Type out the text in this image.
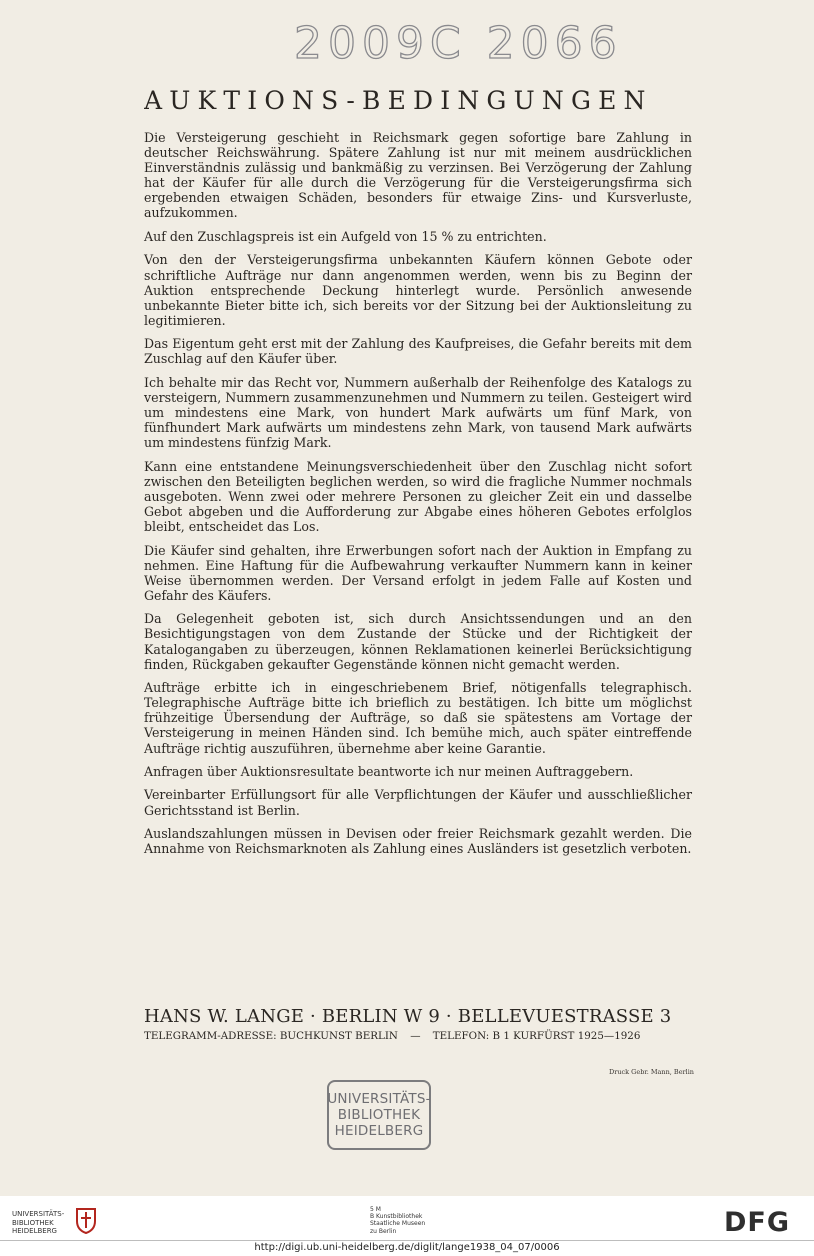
2009C 2066
AUKTIONS-BEDINGUNGEN

Die Versteigerung geschieht in Reichsmark gegen sofortige bare Zahlung in deutscher Reichswährung. Spätere Zahlung ist nur mit meinem ausdrücklichen Einverständnis zulässig und bankmäßig zu verzinsen. Bei Verzögerung der Zahlung hat der Käufer für alle durch die Verzögerung für die Versteigerungsfirma sich ergebenden etwaigen Schäden, besonders für etwaige Zins- und Kursverluste, aufzukommen.

Auf den Zuschlagspreis ist ein Aufgeld von 15 % zu entrichten.

Von den der Versteigerungsfirma unbekannten Käufern können Gebote oder schriftliche Aufträge nur dann angenommen werden, wenn bis zu Beginn der Auktion entsprechende Deckung hinterlegt wurde. Persönlich anwesende unbekannte Bieter bitte ich, sich bereits vor der Sitzung bei der Auktionsleitung zu legitimieren.

Das Eigentum geht erst mit der Zahlung des Kaufpreises, die Gefahr bereits mit dem Zuschlag auf den Käufer über.

Ich behalte mir das Recht vor, Nummern außerhalb der Reihenfolge des Katalogs zu versteigern, Nummern zusammenzunehmen und Nummern zu teilen. Gesteigert wird um mindestens eine Mark, von hundert Mark aufwärts um fünf Mark, von fünfhundert Mark aufwärts um mindestens zehn Mark, von tausend Mark aufwärts um mindestens fünfzig Mark.

Kann eine entstandene Meinungsverschiedenheit über den Zuschlag nicht sofort zwischen den Beteiligten beglichen werden, so wird die fragliche Nummer nochmals ausgeboten. Wenn zwei oder mehrere Personen zu gleicher Zeit ein und dasselbe Gebot abgeben und die Aufforderung zur Abgabe eines höheren Gebotes erfolglos bleibt, entscheidet das Los.

Die Käufer sind gehalten, ihre Erwerbungen sofort nach der Auktion in Empfang zu nehmen. Eine Haftung für die Aufbewahrung verkaufter Nummern kann in keiner Weise übernommen werden. Der Versand erfolgt in jedem Falle auf Kosten und Gefahr des Käufers.

Da Gelegenheit geboten ist, sich durch Ansichtssendungen und an den Besichtigungstagen von dem Zustande der Stücke und der Richtigkeit der Katalogangaben zu überzeugen, können Reklamationen keinerlei Berücksichtigung finden, Rückgaben gekaufter Gegenstände können nicht gemacht werden.

Aufträge erbitte ich in eingeschriebenem Brief, nötigenfalls telegraphisch. Telegraphische Aufträge bitte ich brieflich zu bestätigen. Ich bitte um möglichst frühzeitige Übersendung der Aufträge, so daß sie spätestens am Vortage der Versteigerung in meinen Händen sind. Ich bemühe mich, auch später eintreffende Aufträge richtig auszuführen, übernehme aber keine Garantie.

Anfragen über Auktionsresultate beantworte ich nur meinen Auftraggebern.

Vereinbarter Erfüllungsort für alle Verpflichtungen der Käufer und ausschließlicher Gerichtsstand ist Berlin.

Auslandszahlungen müssen in Devisen oder freier Reichsmark gezahlt werden. Die Annahme von Reichsmarknoten als Zahlung eines Ausländers ist gesetzlich verboten.

HANS W. LANGE · BERLIN W 9 · BELLEVUESTRASSE 3
TELEGRAMM-ADRESSE: BUCHKUNST BERLIN — TELEFON: B 1 KURFÜRST 1925—1926
Druck Gebr. Mann, Berlin
UNIVERSITÄTS-
BIBLIOTHEK
HEIDELBERG
UNIVERSITÄTS-
BIBLIOTHEK
HEIDELBERG
5 M
B Kunstbibliothek
Staatliche Museen
zu Berlin	DFG
http://digi.ub.uni-heidelberg.de/diglit/lange1938_04_07/0006
